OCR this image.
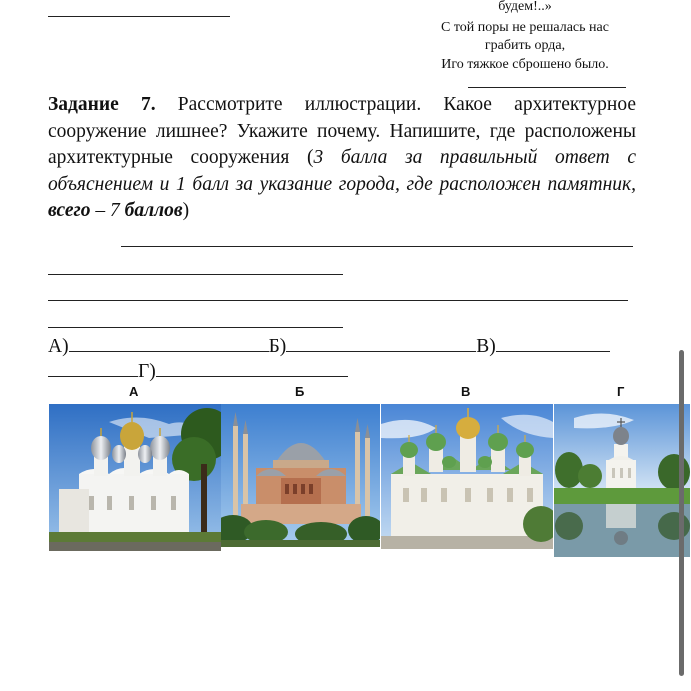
будем!..»
С той поры не решалась нас
грабить орда,
Иго тяжкое сброшено было.
Задание 7. Рассмотрите иллюстрации. Какое архитектурное сооружение лишнее? Укажите почему. Напишите, где расположены архитектурные сооружения (3 балла за правильный ответ с объяснением и 1 балл за указание города, где расположен памятник, всего – 7 баллов)
А)	Б)	В)
Г)
А	Б	В	Г
